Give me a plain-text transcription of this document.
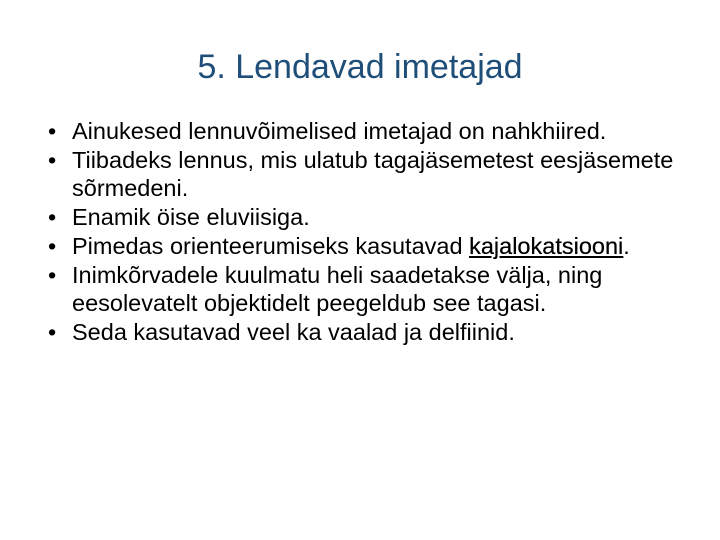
5. Lendavad imetajad
• Ainukesed lennuvõimelised imetajad on nahkhiired.
• Tiibadeks lennus, mis ulatub tagajäsemetest eesjäsemete sõrmedeni.
• Enamik öise eluviisiga.
• Pimedas orienteerumiseks kasutavad kajalokatsiooni.
• Inimkõrvadele kuulmatu heli saadetakse välja, ning eesolevatelt objektidelt peegeldub see tagasi.
• Seda kasutavad veel ka vaalad ja delfiinid.
